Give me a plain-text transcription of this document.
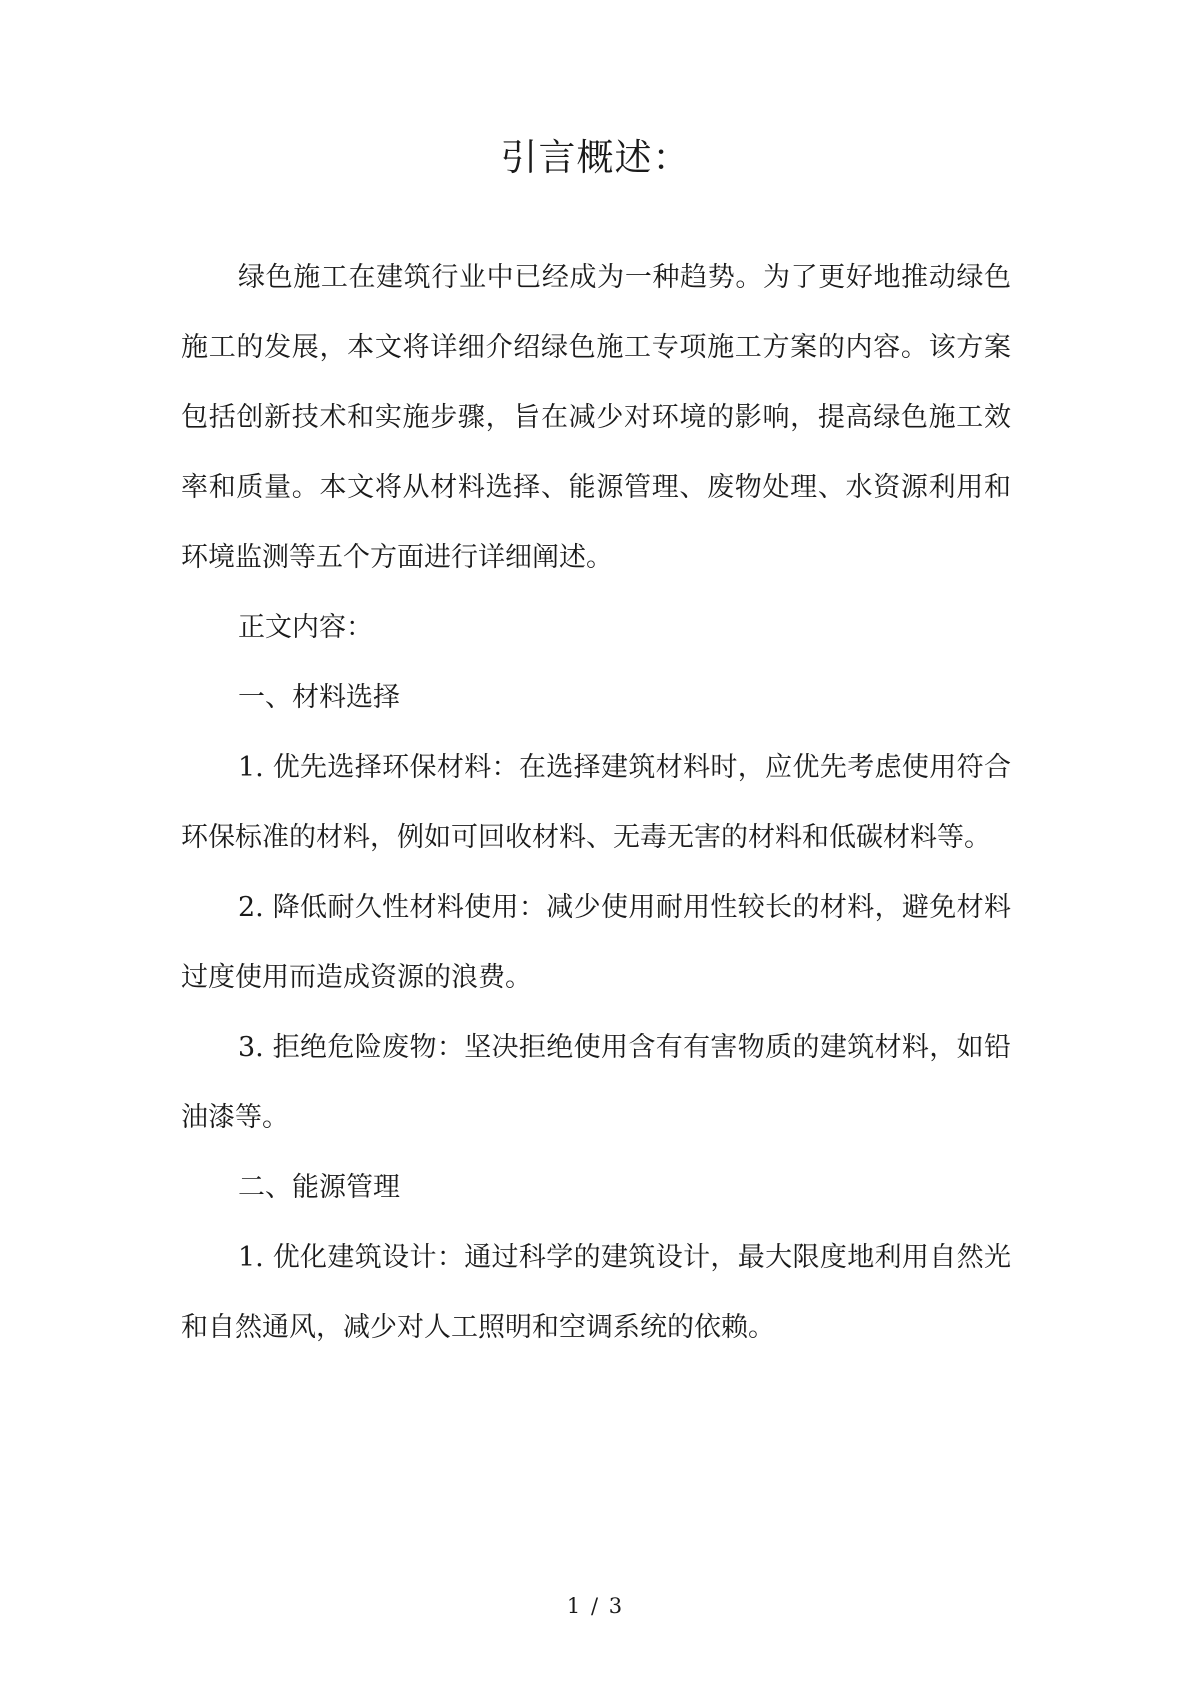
引言概述：

绿色施工在建筑行业中已经成为一种趋势。为了更好地推动绿色施工的发展，本文将详细介绍绿色施工专项施工方案的内容。该方案包括创新技术和实施步骤，旨在减少对环境的影响，提高绿色施工效率和质量。本文将从材料选择、能源管理、废物处理、水资源利用和环境监测等五个方面进行详细阐述。

正文内容：

一、材料选择

1. 优先选择环保材料：在选择建筑材料时，应优先考虑使用符合环保标准的材料，例如可回收材料、无毒无害的材料和低碳材料等。

2. 降低耐久性材料使用：减少使用耐用性较长的材料，避免材料过度使用而造成资源的浪费。

3. 拒绝危险废物：坚决拒绝使用含有有害物质的建筑材料，如铅油漆等。

二、能源管理

1. 优化建筑设计：通过科学的建筑设计，最大限度地利用自然光和自然通风，减少对人工照明和空调系统的依赖。

1 / 3
